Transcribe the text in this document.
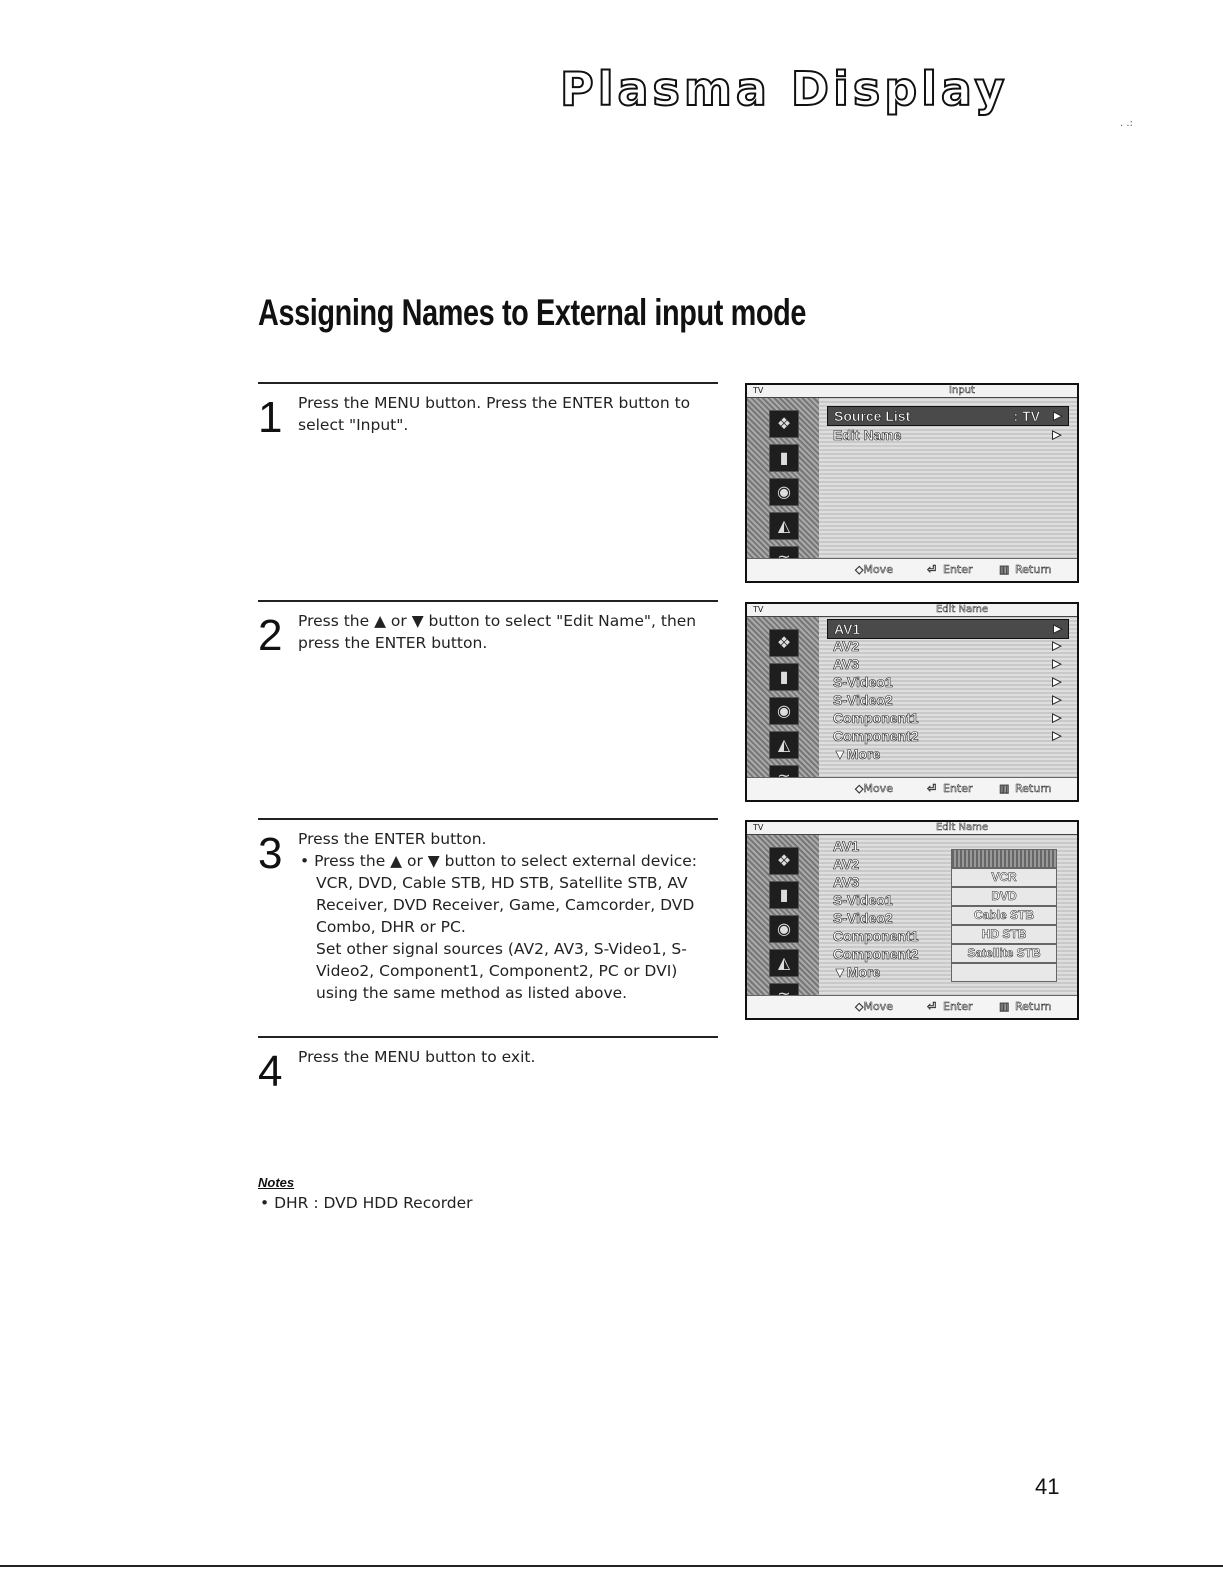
Plasma Display
. .:
Assigning Names to External input mode
1 Press the MENU button. Press the ENTER button to select "Input".

2 Press the ▲ or ▼ button to select "Edit Name", then press the ENTER button.

3 Press the ENTER button.

• Press the ▲ or ▼ button to select external device: VCR, DVD, Cable STB, HD STB, Satellite STB, AV Receiver, DVD Receiver, Game, Camcorder, DVD Combo, DHR or PC.

Set other signal sources (AV2, AV3, S-Video1, S-Video2, Component1, Component2, PC or DVI) using the same method as listed above.

4 Press the MENU button to exit.

TV	Input
❖
▮
◉
◭
Source List	: TV ▶
Edit Name	▶
◇Move	⏎ Enter ▥ Return
TV	Edit Name
❖
▮
◉
◭
AV1	▶
AV2	▶
AV3	▶
S-Video1	▶
S-Video2	▶
Component1	▶
Component2	▶
▼More
◇Move	⏎ Enter ▥ Return
TV	Edit Name
❖
▮
◉
◭
AV1
AV2
AV3
S-Video1
S-Video2
Component1
Component2
▼More
VCR
DVD
Cable STB
HD STB
Satellite STB
◇Move	⏎ Enter ▥ Return
Notes
• DHR : DVD HDD Recorder
41
